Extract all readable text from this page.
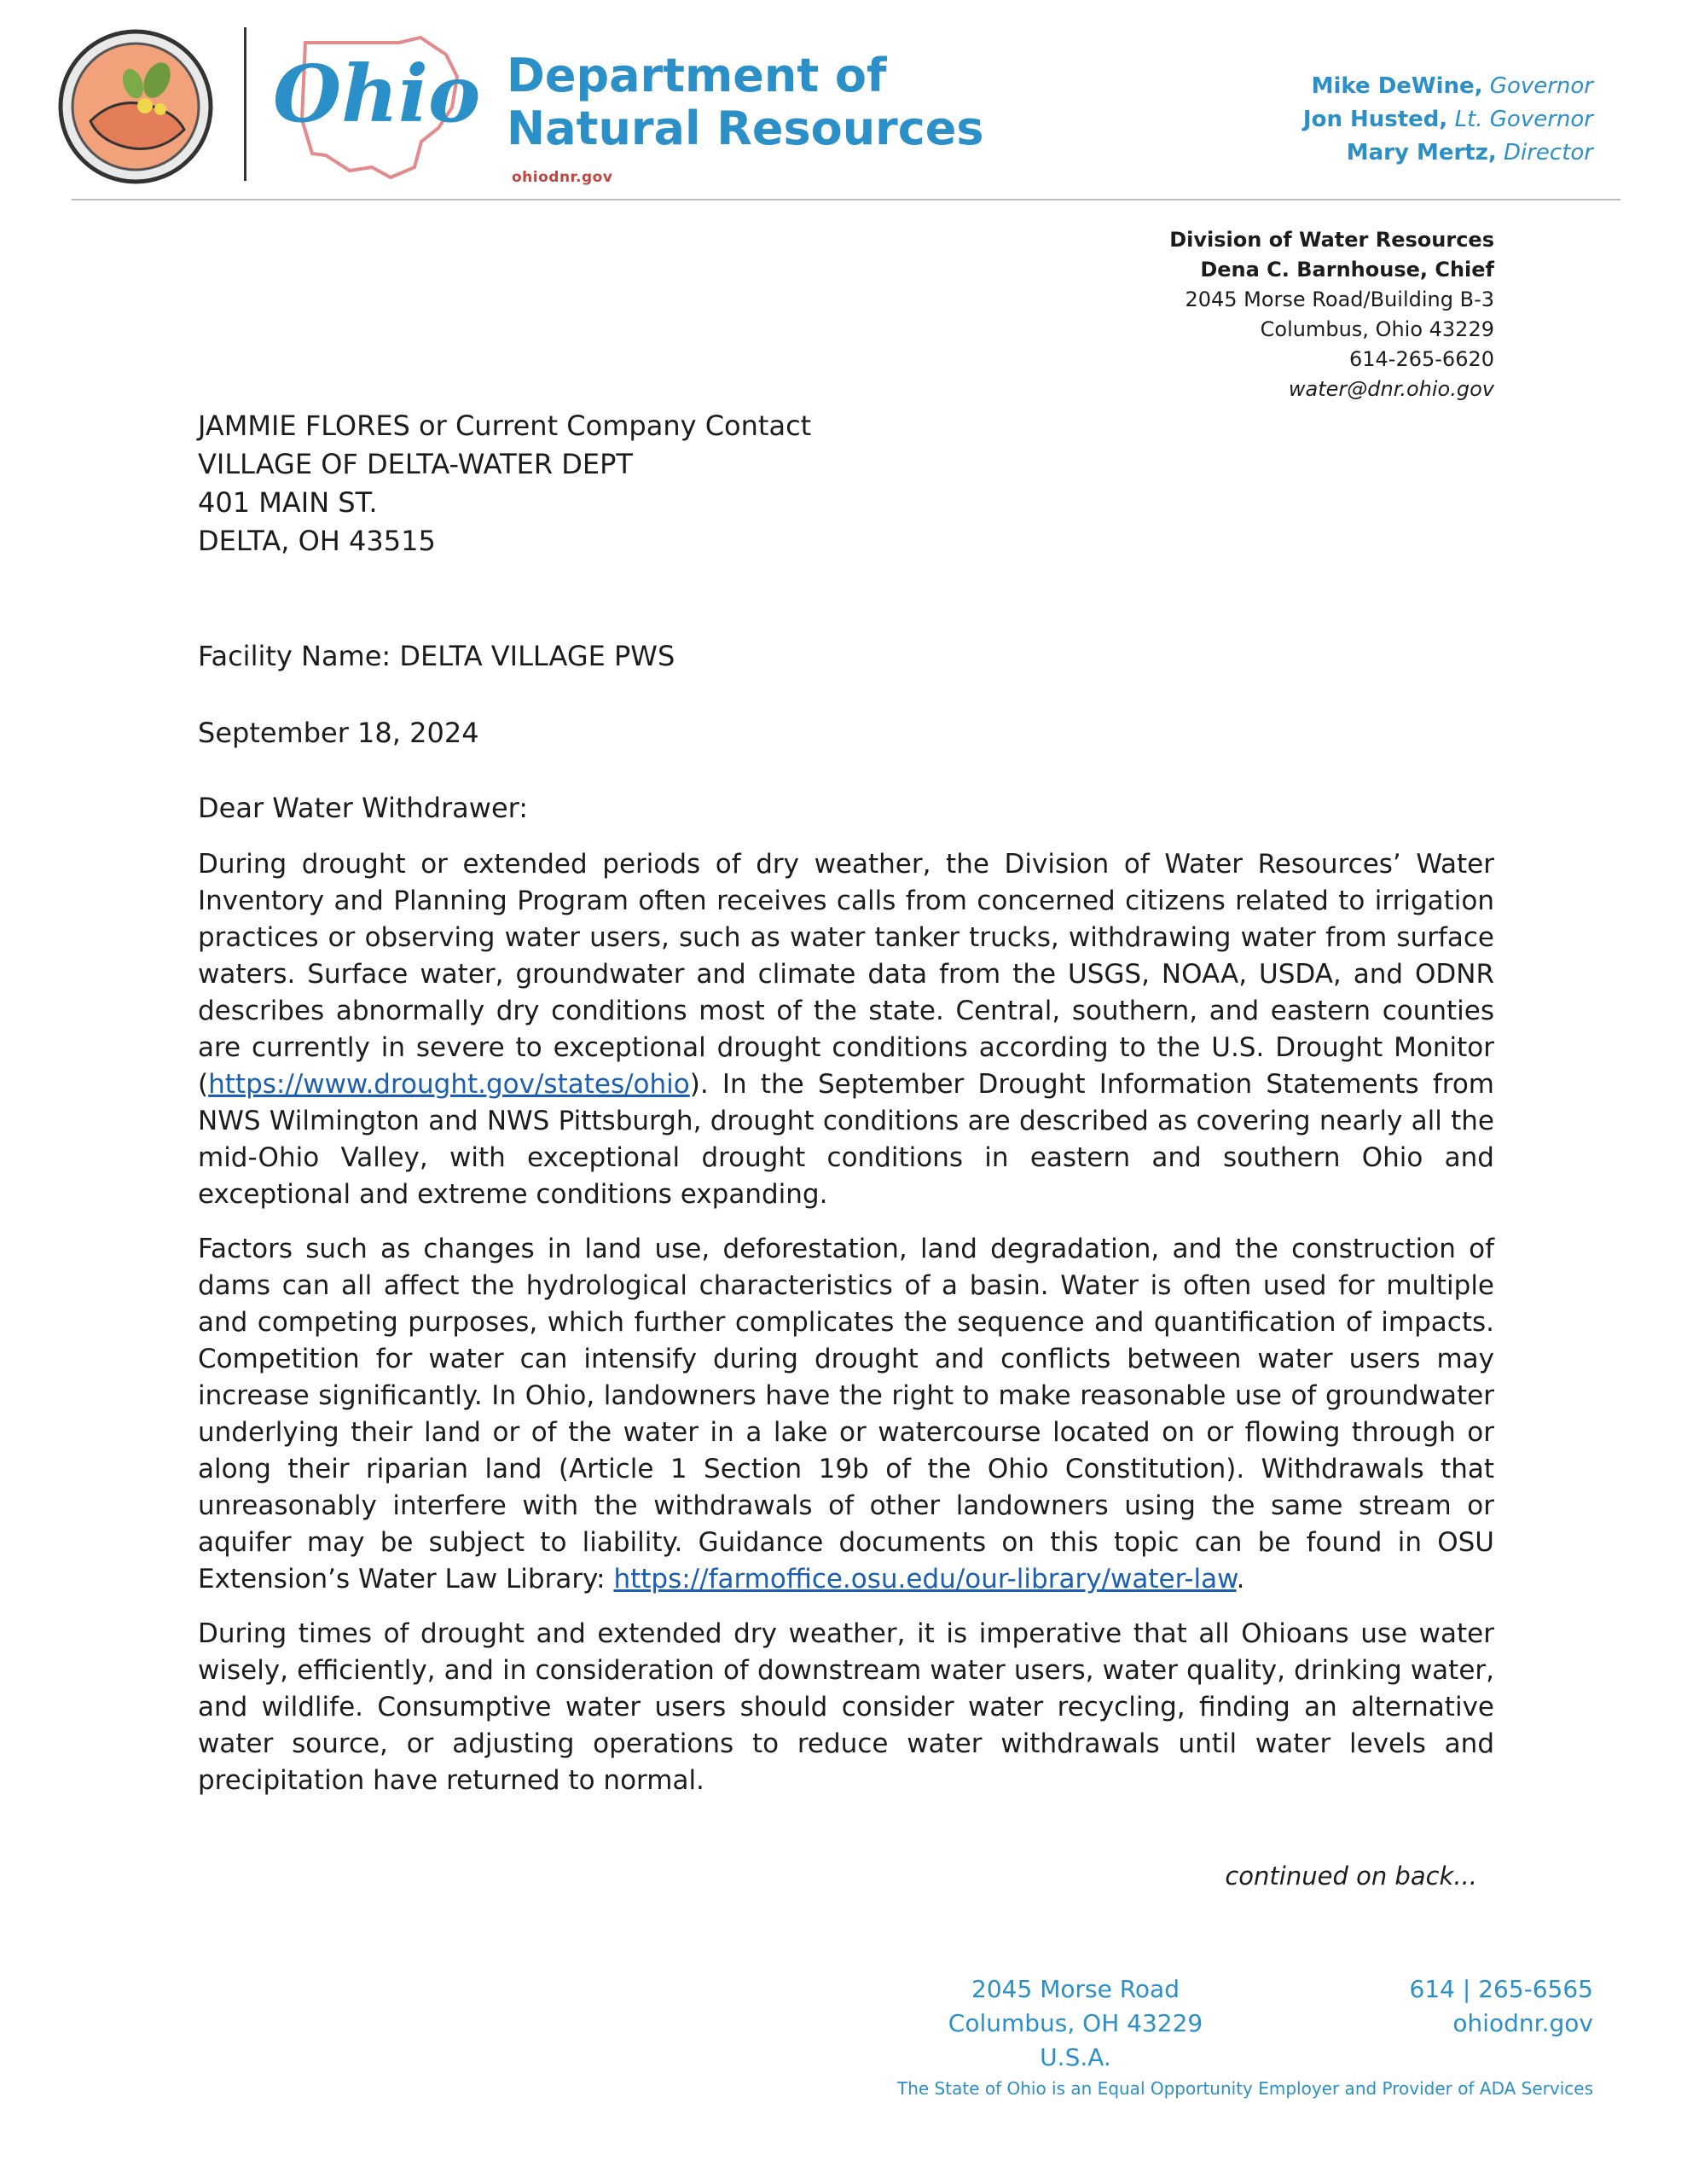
Ohio
ohiodnr.gov
Department of
Natural Resources
Mike DeWine, Governor
Jon Husted, Lt. Governor
Mary Mertz, Director
Division of Water Resources
Dena C. Barnhouse, Chief
2045 Morse Road/Building B-3
Columbus, Ohio 43229
614-265-6620
water@dnr.ohio.gov
JAMMIE FLORES or Current Company Contact
VILLAGE OF DELTA-WATER DEPT
401 MAIN ST.
DELTA, OH 43515
Facility Name: DELTA VILLAGE PWS
September 18, 2024
Dear Water Withdrawer:

During drought or extended periods of dry weather, the Division of Water Resources’ Water Inventory and Planning Program often receives calls from concerned citizens related to irrigation practices or observing water users, such as water tanker trucks, withdrawing water from surface waters. Surface water, groundwater and climate data from the USGS, NOAA, USDA, and ODNR describes abnormally dry conditions most of the state. Central, southern, and eastern counties are currently in severe to exceptional drought conditions according to the U.S. Drought Monitor (https://www.drought.gov/states/ohio). In the September Drought Information Statements from NWS Wilmington and NWS Pittsburgh, drought conditions are described as covering nearly all the mid-Ohio Valley, with exceptional drought conditions in eastern and southern Ohio and exceptional and extreme conditions expanding.

Factors such as changes in land use, deforestation, land degradation, and the construction of dams can all affect the hydrological characteristics of a basin. Water is often used for multiple and competing purposes, which further complicates the sequence and quantification of impacts. Competition for water can intensify during drought and conflicts between water users may increase significantly. In Ohio, landowners have the right to make reasonable use of groundwater underlying their land or of the water in a lake or watercourse located on or flowing through or along their riparian land (Article 1 Section 19b of the Ohio Constitution). Withdrawals that unreasonably interfere with the withdrawals of other landowners using the same stream or aquifer may be subject to liability. Guidance documents on this topic can be found in OSU Extension’s Water Law Library: https://farmoffice.osu.edu/our-library/water-law.

During times of drought and extended dry weather, it is imperative that all Ohioans use water wisely, efficiently, and in consideration of downstream water users, water quality, drinking water, and wildlife. Consumptive water users should consider water recycling, finding an alternative water source, or adjusting operations to reduce water withdrawals until water levels and precipitation have returned to normal.

continued on back...
2045 Morse Road
Columbus, OH 43229 U.S.A.
614 | 265-6565
ohiodnr.gov
The State of Ohio is an Equal Opportunity Employer and Provider of ADA Services
